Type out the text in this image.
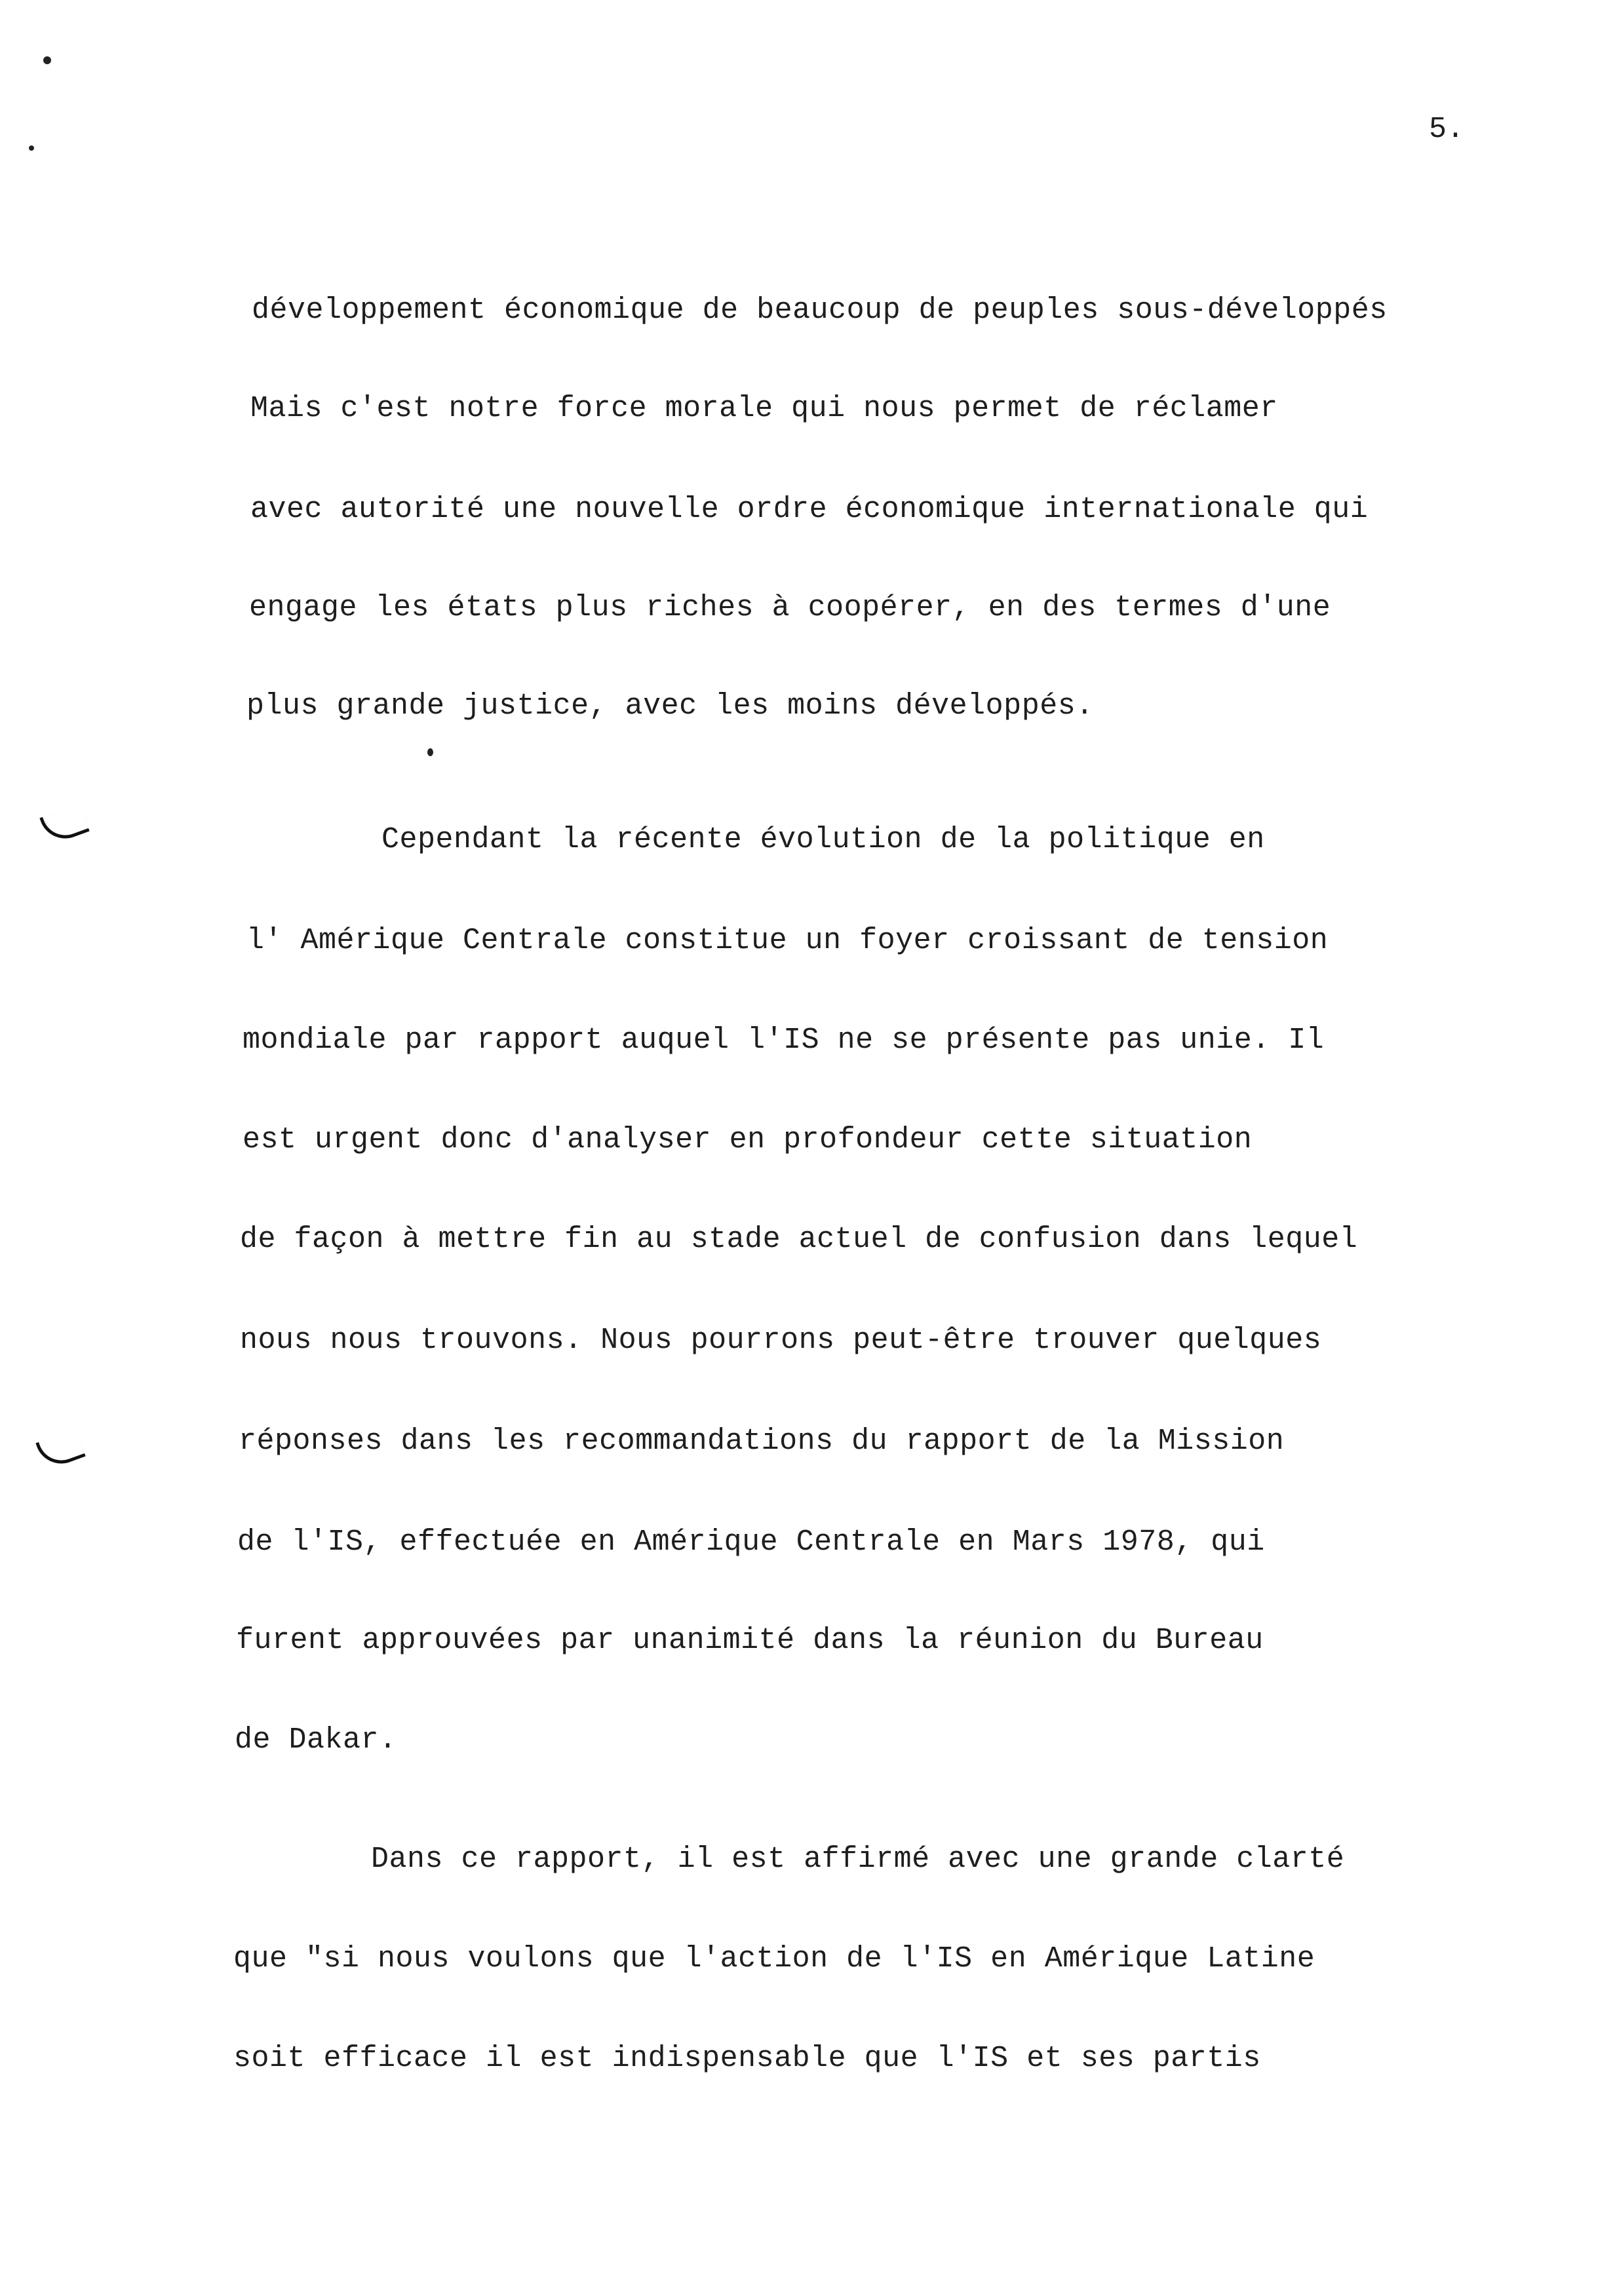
5.
développement économique de beaucoup de peuples sous-développés
Mais c'est notre force morale qui nous permet de réclamer
avec autorité une nouvelle ordre économique internationale qui
engage les états plus riches à coopérer, en des termes d'une
plus grande justice, avec les moins développés.
Cependant la récente évolution de la politique en
l' Amérique Centrale constitue un foyer croissant de tension
mondiale par rapport auquel l'IS ne se présente pas unie. Il
est urgent donc d'analyser en profondeur cette situation
de façon à mettre fin au stade actuel de confusion dans lequel
nous nous trouvons. Nous pourrons peut-être trouver quelques
réponses dans les recommandations du rapport de la Mission
de l'IS, effectuée en Amérique Centrale en Mars 1978, qui
furent approuvées par unanimité dans la réunion du Bureau
de Dakar.
Dans ce rapport, il est affirmé avec une grande clarté
que "si nous voulons que l'action de l'IS en Amérique Latine
soit efficace il est indispensable que l'IS et ses partis
